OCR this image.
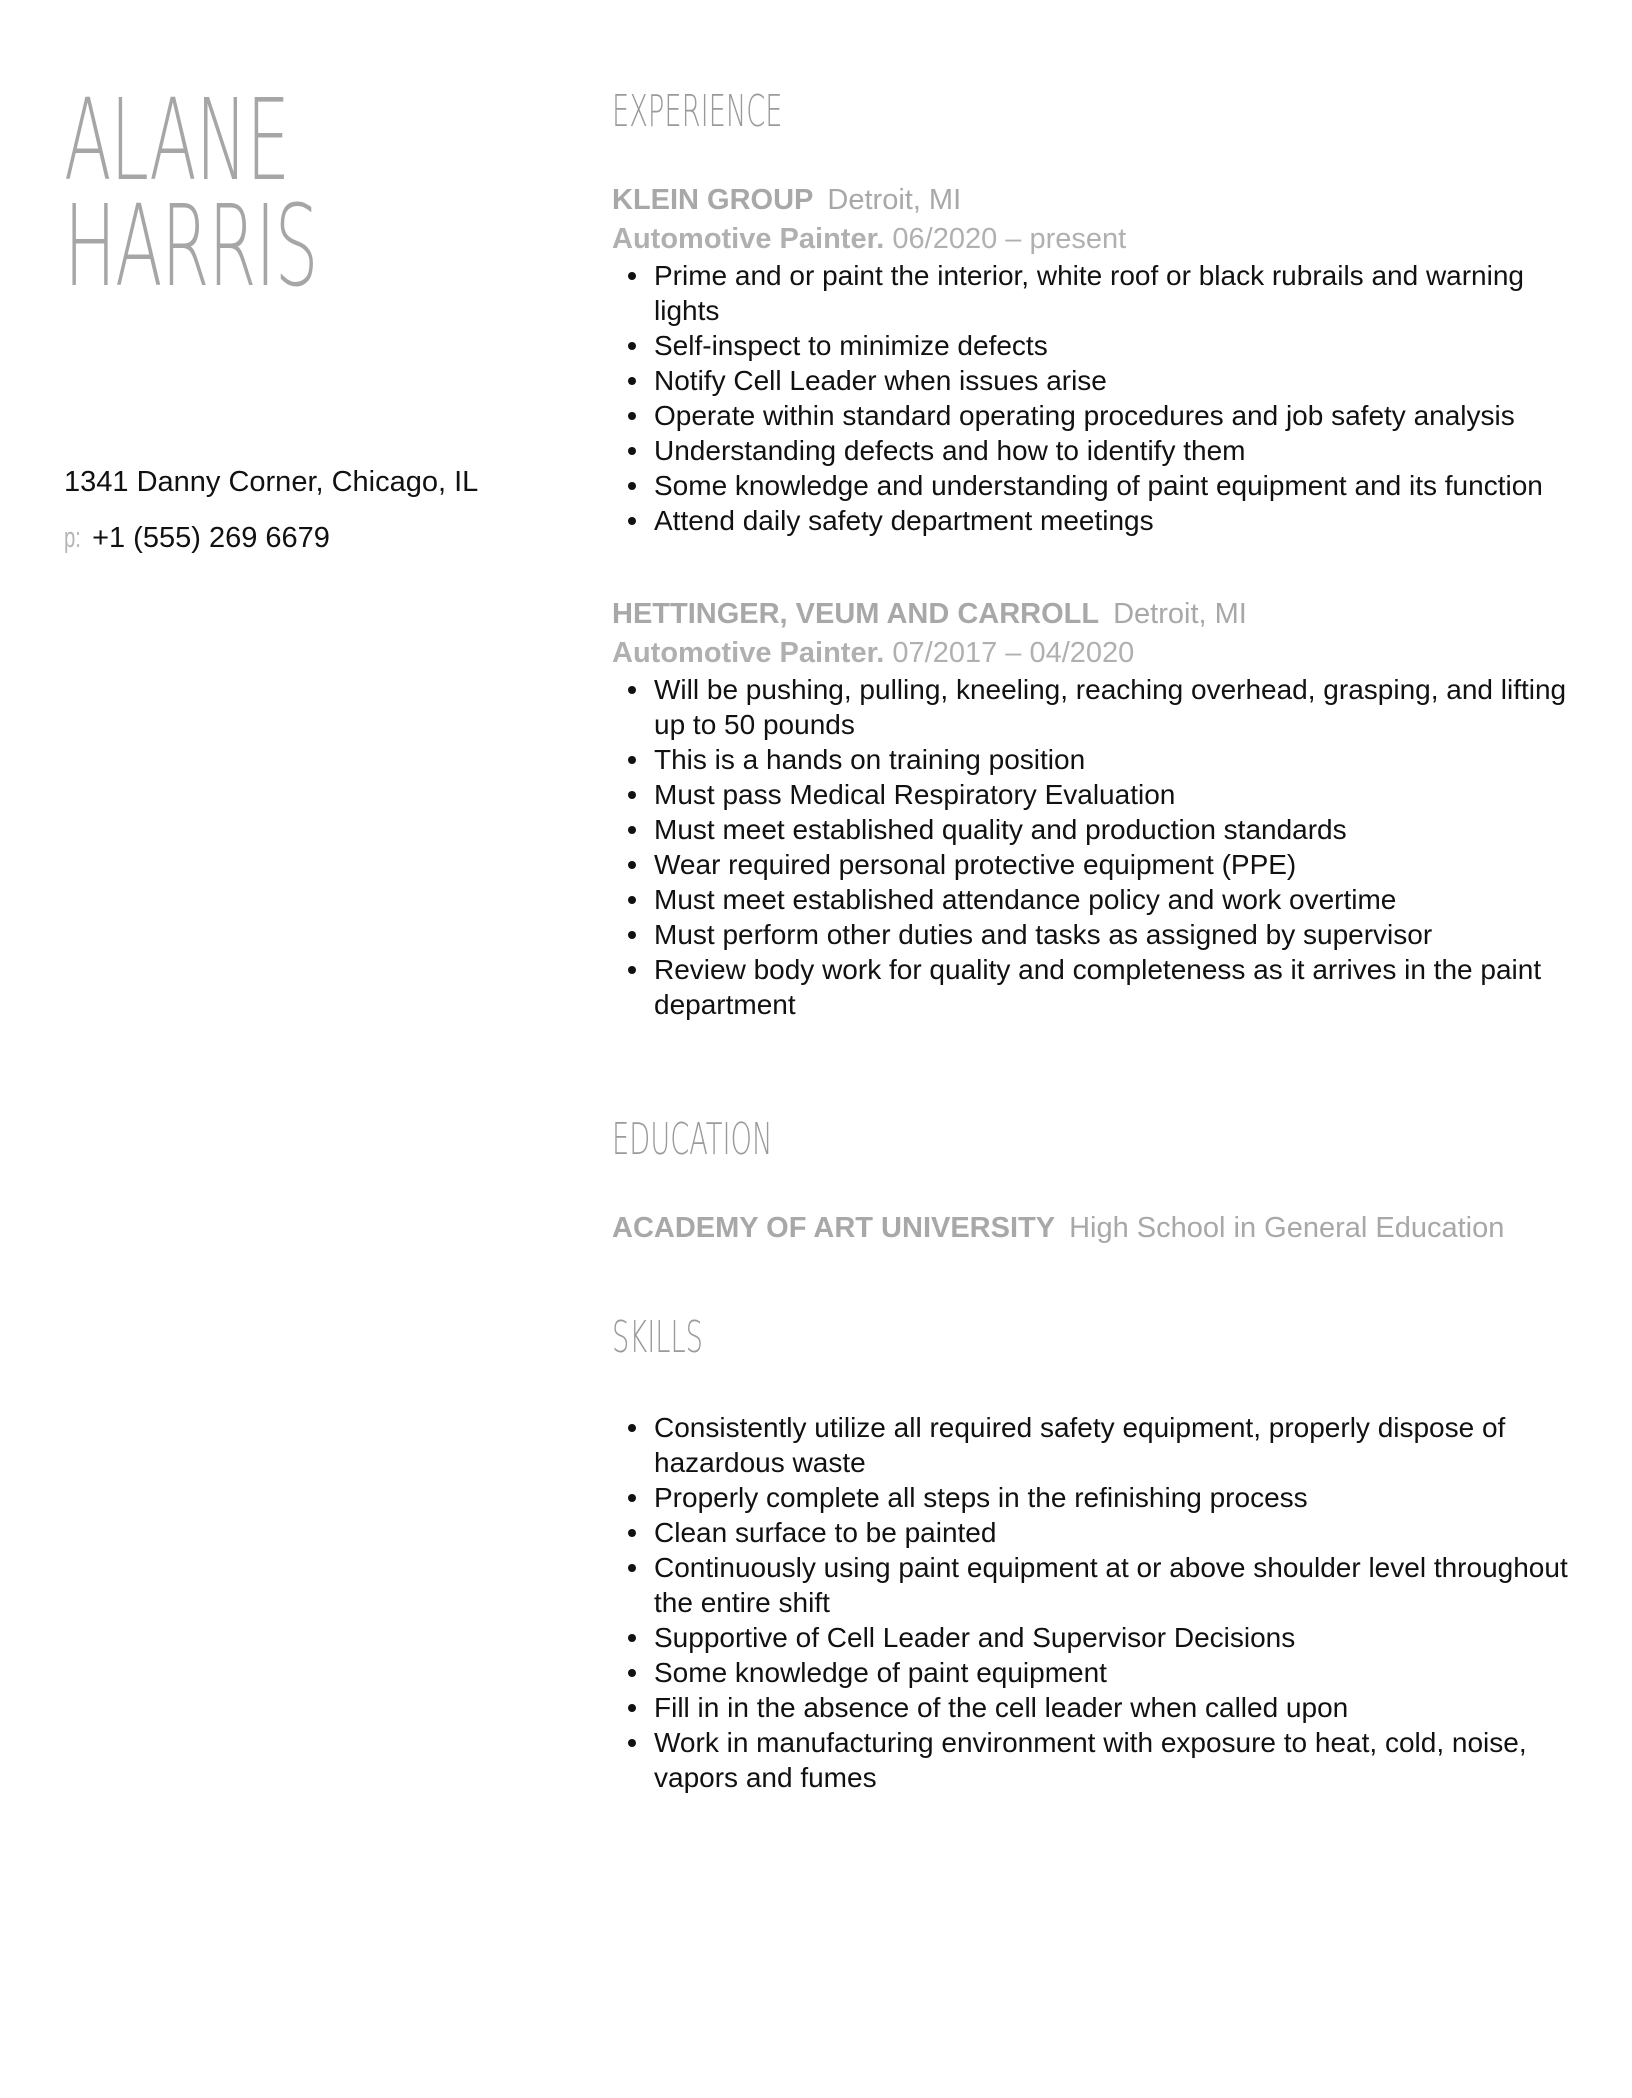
ALANE
HARRIS
1341 Danny Corner, Chicago, IL
p: +1 (555) 269 6679
EXPERIENCE
KLEIN GROUP Detroit, MI
Automotive Painter. 06/2020 – present
Prime and or paint the interior, white roof or black rubrails and warning lights
Self-inspect to minimize defects
Notify Cell Leader when issues arise
Operate within standard operating procedures and job safety analysis
Understanding defects and how to identify them
Some knowledge and understanding of paint equipment and its function
Attend daily safety department meetings
HETTINGER, VEUM AND CARROLL Detroit, MI
Automotive Painter. 07/2017 – 04/2020
Will be pushing, pulling, kneeling, reaching overhead, grasping, and lifting up to 50 pounds
This is a hands on training position
Must pass Medical Respiratory Evaluation
Must meet established quality and production standards
Wear required personal protective equipment (PPE)
Must meet established attendance policy and work overtime
Must perform other duties and tasks as assigned by supervisor
Review body work for quality and completeness as it arrives in the paint department
EDUCATION
ACADEMY OF ART UNIVERSITY High School in General Education
SKILLS
Consistently utilize all required safety equipment, properly dispose of hazardous waste
Properly complete all steps in the refinishing process
Clean surface to be painted
Continuously using paint equipment at or above shoulder level throughout the entire shift
Supportive of Cell Leader and Supervisor Decisions
Some knowledge of paint equipment
Fill in in the absence of the cell leader when called upon
Work in manufacturing environment with exposure to heat, cold, noise, vapors and fumes
